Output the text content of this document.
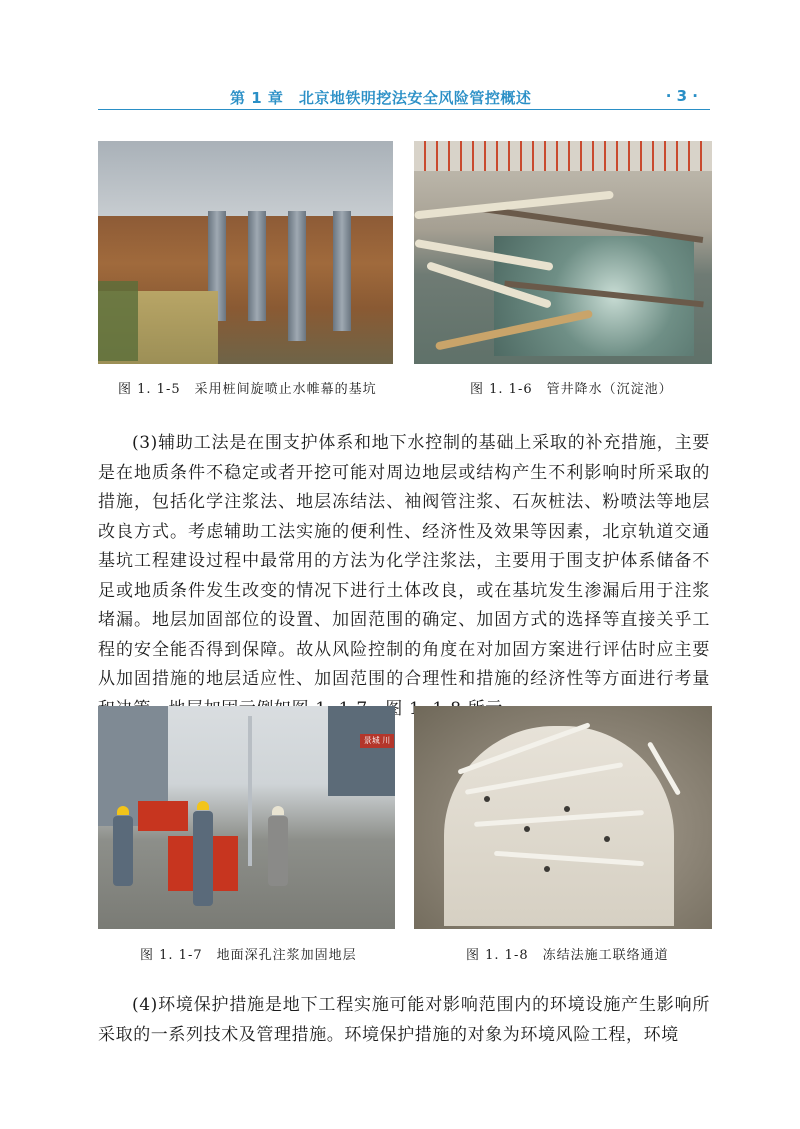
第 1 章　北京地铁明挖法安全风险管控概述	· 3 ·
图 1. 1-5　采用桩间旋喷止水帷幕的基坑	图 1. 1-6　管井降水（沉淀池）

(3)辅助工法是在围支护体系和地下水控制的基础上采取的补充措施，主要是在地质条件不稳定或者开挖可能对周边地层或结构产生不利影响时所采取的措施，包括化学注浆法、地层冻结法、袖阀管注浆、石灰桩法、粉喷法等地层改良方式。考虑辅助工法实施的便利性、经济性及效果等因素，北京轨道交通基坑工程建设过程中最常用的方法为化学注浆法，主要用于围支护体系储备不足或地质条件发生改变的情况下进行土体改良，或在基坑发生渗漏后用于注浆堵漏。地层加固部位的设置、加固范围的确定、加固方式的选择等直接关乎工程的安全能否得到保障。故从风险控制的角度在对加固方案进行评估时应主要从加固措施的地层适应性、加固范围的合理性和措施的经济性等方面进行考量

景城 川
图 1. 1-7　地面深孔注浆加固地层	图 1. 1-8　冻结法施工联络通道

(4)环境保护措施是地下工程实施可能对影响范围内的环境设施产生影响所采取的一系列技术及管理措施。环境保护措施的对象为环境风险工程，环境
